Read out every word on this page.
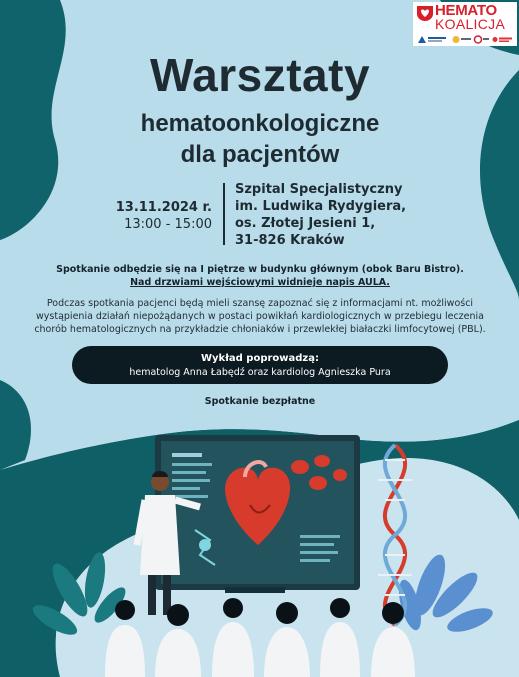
HEMATO
KOALICJA
Warsztaty
hematoonkologiczne
dla pacjentów
13.11.2024 r.
13:00 - 15:00
Szpital Specjalistyczny
im. Ludwika Rydygiera,
os. Złotej Jesieni 1,
31-826 Kraków
Spotkanie odbędzie się na I piętrze w budynku głównym (obok Baru Bistro).
Nad drzwiami wejściowymi widnieje napis AULA.
Podczas spotkania pacjenci będą mieli szansę zapoznać się z informacjami nt. możliwości
wystąpienia działań niepożądanych w postaci powikłań kardiologicznych w przebiegu leczenia
chorób hematologicznych na przykładzie chłoniaków i przewlekłej białaczki limfocytowej (PBL).
Wykład poprowadzą:
hematolog Anna Łabędź oraz kardiolog Agnieszka Pura
Spotkanie bezpłatne
